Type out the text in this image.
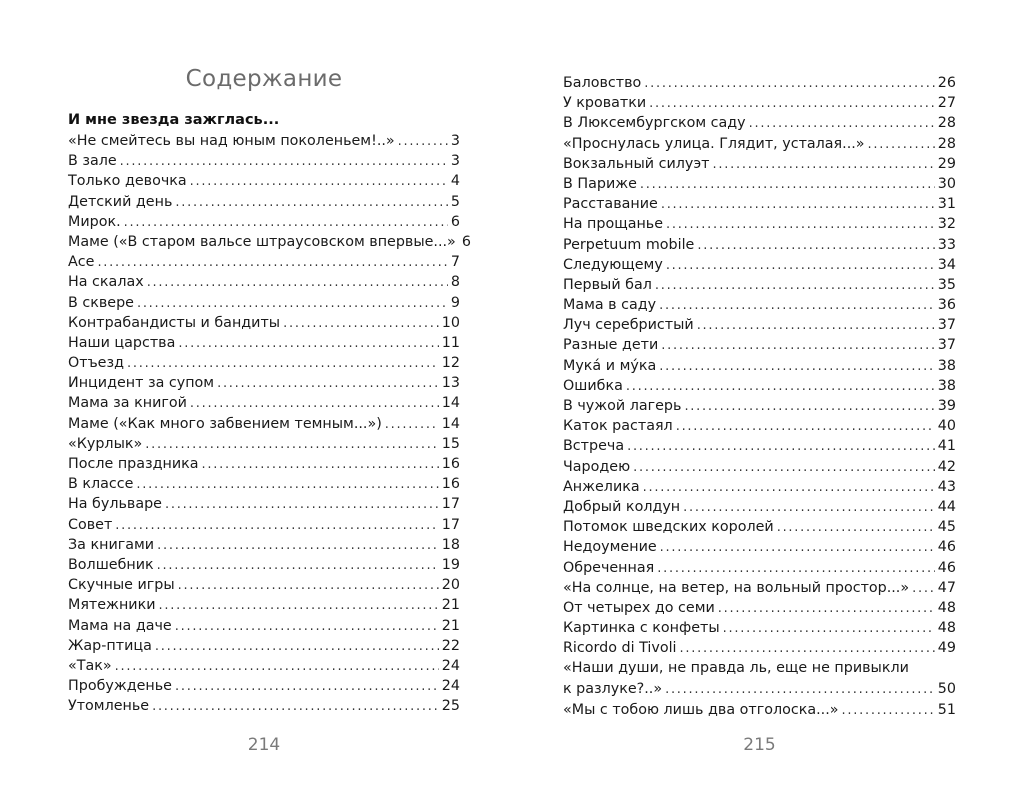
Содержание
И мне звезда зажглась...
«Не смейтесь вы над юным поколеньем!..» . . .	3
В зале . . .	3
Только девочка . . .	4
Детский день . . .	5
Мирок. . . .	6
Маме («В старом вальсе штраусовском впервые...» 6
Асе . . .	7
На скалах . . .	8
В сквере . . .	9
Контрабандисты и бандиты . . .	10
Наши царства . . .	11
Отъезд . . .	12
Инцидент за супом . . .	13
Мама за книгой . . .	14
Маме («Как много забвением темным...») . . .	14
«Курлык» . . .	15
После праздника . . .	16
В классе . . .	16
На бульваре . . .	17
Совет . . .	17
За книгами . . .	18
Волшебник . . .	19
Скучные игры . . .	20
Мятежники . . .	21
Мама на даче . . .	21
Жар-птица . . .	22
«Так» . . .	24
Пробужденье . . .	24
Утомленье . . .	25
214
Баловство . . .	26
У кроватки . . .	27
В Люксембургском саду . . .	28
«Проснулась улица. Глядит, усталая...» . . .	28
Вокзальный силуэт . . .	29
В Париже . . .	30
Расставание . . .	31
На прощанье . . .	32
Perpetuum mobile . . .	33
Следующему . . .	34
Первый бал . . .	35
Мама в саду . . .	36
Луч серебристый . . .	37
Разные дети . . .	37
Мука́ и му́ка . . .	38
Ошибка . . .	38
В чужой лагерь . . .	39
Каток растаял . . .	40
Встреча . . .	41
Чародею . . .	42
Анжелика . . .	43
Добрый колдун . . .	44
Потомок шведских королей . . .	45
Недоумение . . .	46
Обреченная . . .	46
«На солнце, на ветер, на вольный простор...» . . . 47
От четырех до семи . . .	48
Картинка с конфеты . . .	48
Ricordo di Tivoli . . .	49
«Наши души, не правда ль, еще не привыкли
к разлуке?..» . . .	50
«Мы с тобою лишь два отголоска...» . . .	51
215
